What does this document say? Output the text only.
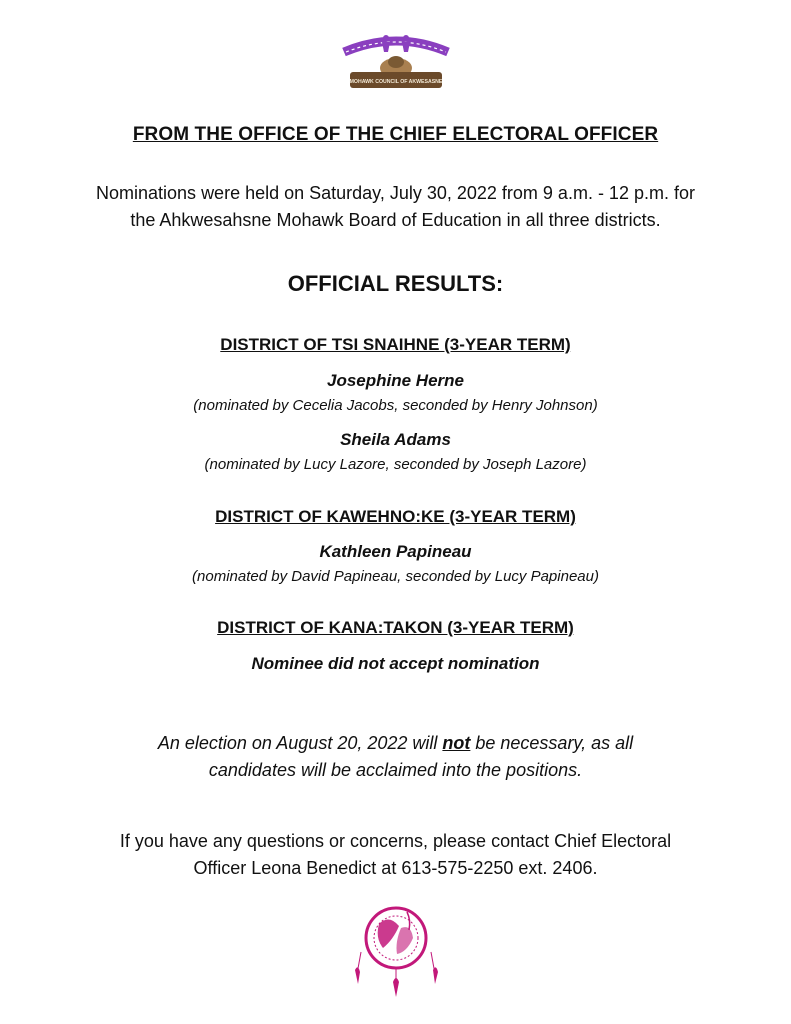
MOHAWK COUNCIL OF AKWESASNE
FROM THE OFFICE OF THE CHIEF ELECTORAL OFFICER
Nominations were held on Saturday, July 30, 2022 from 9 a.m. - 12 p.m. for
the Ahkwesahsne Mohawk Board of Education in all three districts.
OFFICIAL RESULTS:
DISTRICT OF TSI SNAIHNE (3-YEAR TERM)
Josephine Herne
(nominated by Cecelia Jacobs, seconded by Henry Johnson)
Sheila Adams
(nominated by Lucy Lazore, seconded by Joseph Lazore)
DISTRICT OF KAWEHNO:KE (3-YEAR TERM)
Kathleen Papineau
(nominated by David Papineau, seconded by Lucy Papineau)
DISTRICT OF KANA:TAKON (3-YEAR TERM)
Nominee did not accept nomination
An election on August 20, 2022 will not be necessary, as all
candidates will be acclaimed into the positions.
If you have any questions or concerns, please contact Chief Electoral
Officer Leona Benedict at 613-575-2250 ext. 2406.
